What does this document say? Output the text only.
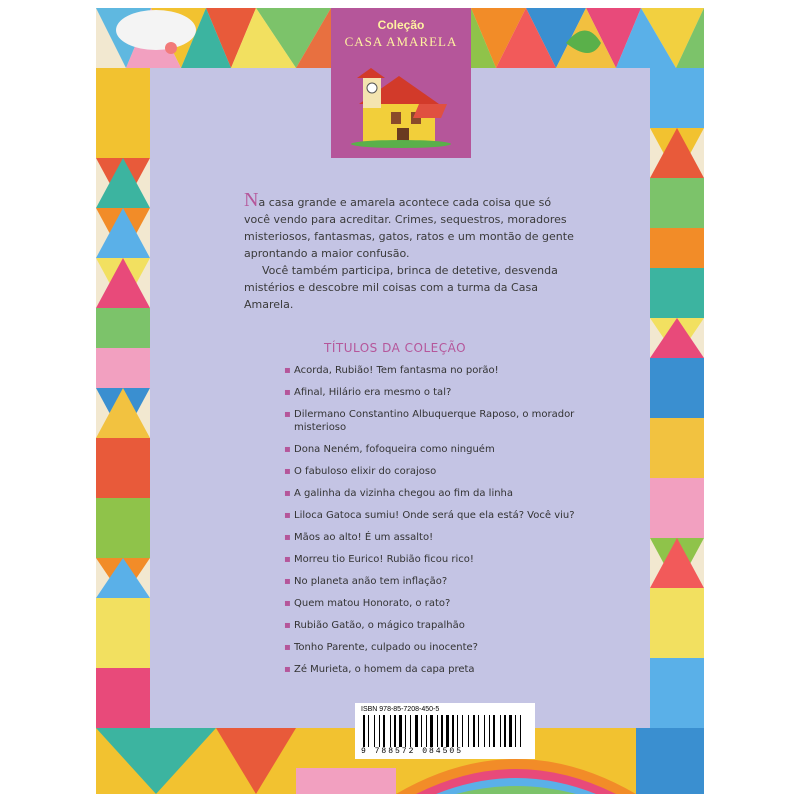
Coleção
CASA AMARELA

Na casa grande e amarela acontece cada coisa que só você vendo para acreditar. Crimes, sequestros, moradores misteriosos, fantasmas, gatos, ratos e um montão de gente aprontando a maior confusão.

Você também participa, brinca de detetive, desvenda mistérios e descobre mil coisas com a turma da Casa Amarela.

TÍTULOS DA COLEÇÃO
▪ Acorda, Rubião! Tem fantasma no porão!
▪ Afinal, Hilário era mesmo o tal?
▪ Dilermano Constantino Albuquerque Raposo, o morador misterioso
▪ Dona Neném, fofoqueira como ninguém
▪ O fabuloso elixir do corajoso
▪ A galinha da vizinha chegou ao fim da linha
▪ Liloca Gatoca sumiu! Onde será que ela está? Você viu?
▪ Mãos ao alto! É um assalto!
▪ Morreu tio Eurico! Rubião ficou rico!
▪ No planeta anão tem inflação?
▪ Quem matou Honorato, o rato?
▪ Rubião Gatão, o mágico trapalhão
▪ Tonho Parente, culpado ou inocente?
▪ Zé Murieta, o homem da capa preta
ISBN 978-85-7208-450-5
9 788572 084505
